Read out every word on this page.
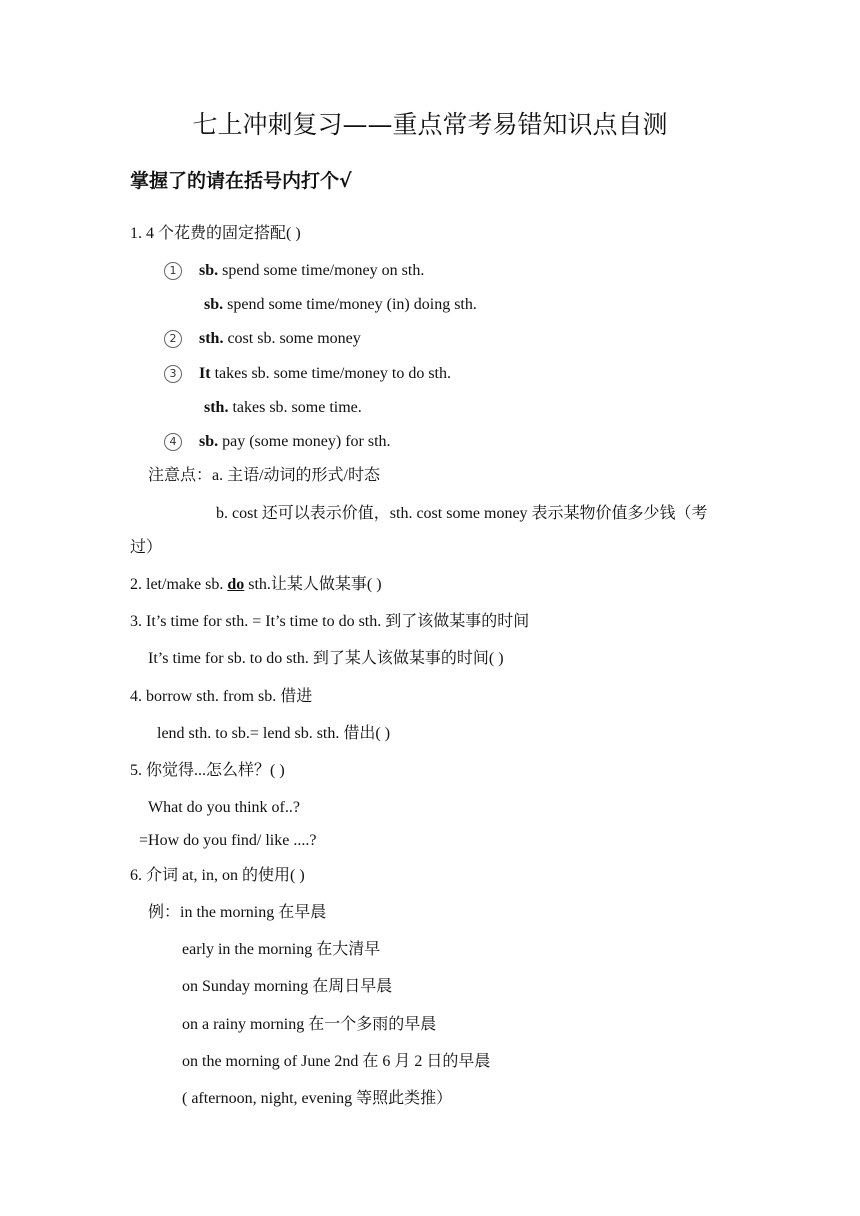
七上冲刺复习——重点常考易错知识点自测
掌握了的请在括号内打个√
1. 4 个花费的固定搭配( )
1	sb. spend some time/money on sth.
sb. spend some time/money (in) doing sth.
2	sth. cost sb. some money
3	It takes sb. some time/money to do sth.
sth. takes sb. some time.
4	sb. pay (some money) for sth.
注意点：a. 主语/动词的形式/时态
b. cost 还可以表示价值，sth. cost some money 表示某物价值多少钱（考
过）
2. let/make sb. do sth.让某人做某事( )
3. It’s time for sth. = It’s time to do sth. 到了该做某事的时间
It’s time for sb. to do sth. 到了某人该做某事的时间( )
4. borrow sth. from sb. 借进
lend sth. to sb.= lend sb. sth. 借出( )
5. 你觉得...怎么样？( )
What do you think of..?
=How do you find/ like ....?
6. 介词 at, in, on 的使用( )
例：in the morning 在早晨
early in the morning 在大清早
on Sunday morning 在周日早晨
on a rainy morning 在一个多雨的早晨
on the morning of June 2nd 在 6 月 2 日的早晨
( afternoon, night, evening 等照此类推）
